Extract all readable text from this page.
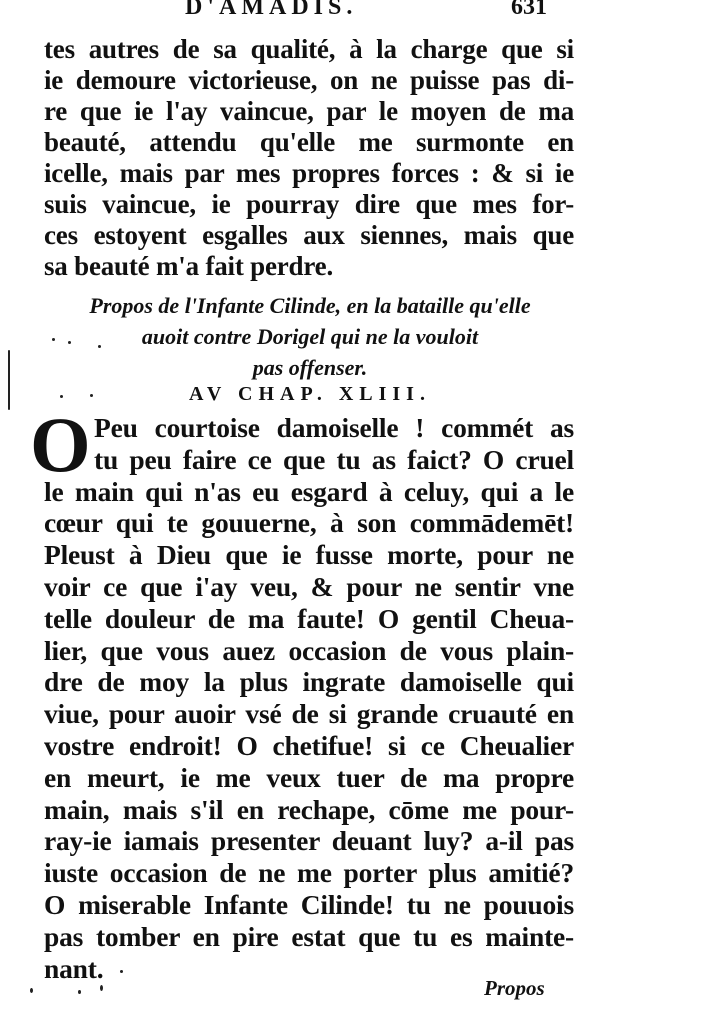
D'AMADIS.	631
tes autres de sa qualité, à la charge que si
ie demoure victorieuse, on ne puisse pas di-
re que ie l'ay vaincue, par le moyen de ma
beauté, attendu qu'elle me surmonte en
icelle, mais par mes propres forces : & si ie
suis vaincue, ie pourray dire que mes for-
ces estoyent esgalles aux siennes, mais que
sa beauté m'a fait perdre.
Propos de l'Infante Cilinde, en la bataille qu'elle
auoit contre Dorigel qui ne la vouloit
pas offenser.
AV CHAP. XLIII.
O Peu courtoise damoiselle ! commét as
tu peu faire ce que tu as faict? O cruel
le main qui n'as eu esgard à celuy, qui a le
cœur qui te gouuerne, à son commādemēt!
Pleust à Dieu que ie fusse morte, pour ne
voir ce que i'ay veu, & pour ne sentir vne
telle douleur de ma faute! O gentil Cheua-
lier, que vous auez occasion de vous plain-
dre de moy la plus ingrate damoiselle qui
viue, pour auoir vsé de si grande cruauté en
vostre endroit! O chetifue! si ce Cheualier
en meurt, ie me veux tuer de ma propre
main, mais s'il en rechape, cōme me pour-
ray-ie iamais presenter deuant luy? a-il pas
iuste occasion de ne me porter plus amitié?
O miserable Infante Cilinde! tu ne pouuois
pas tomber en pire estat que tu es mainte-
nant.
Propos
